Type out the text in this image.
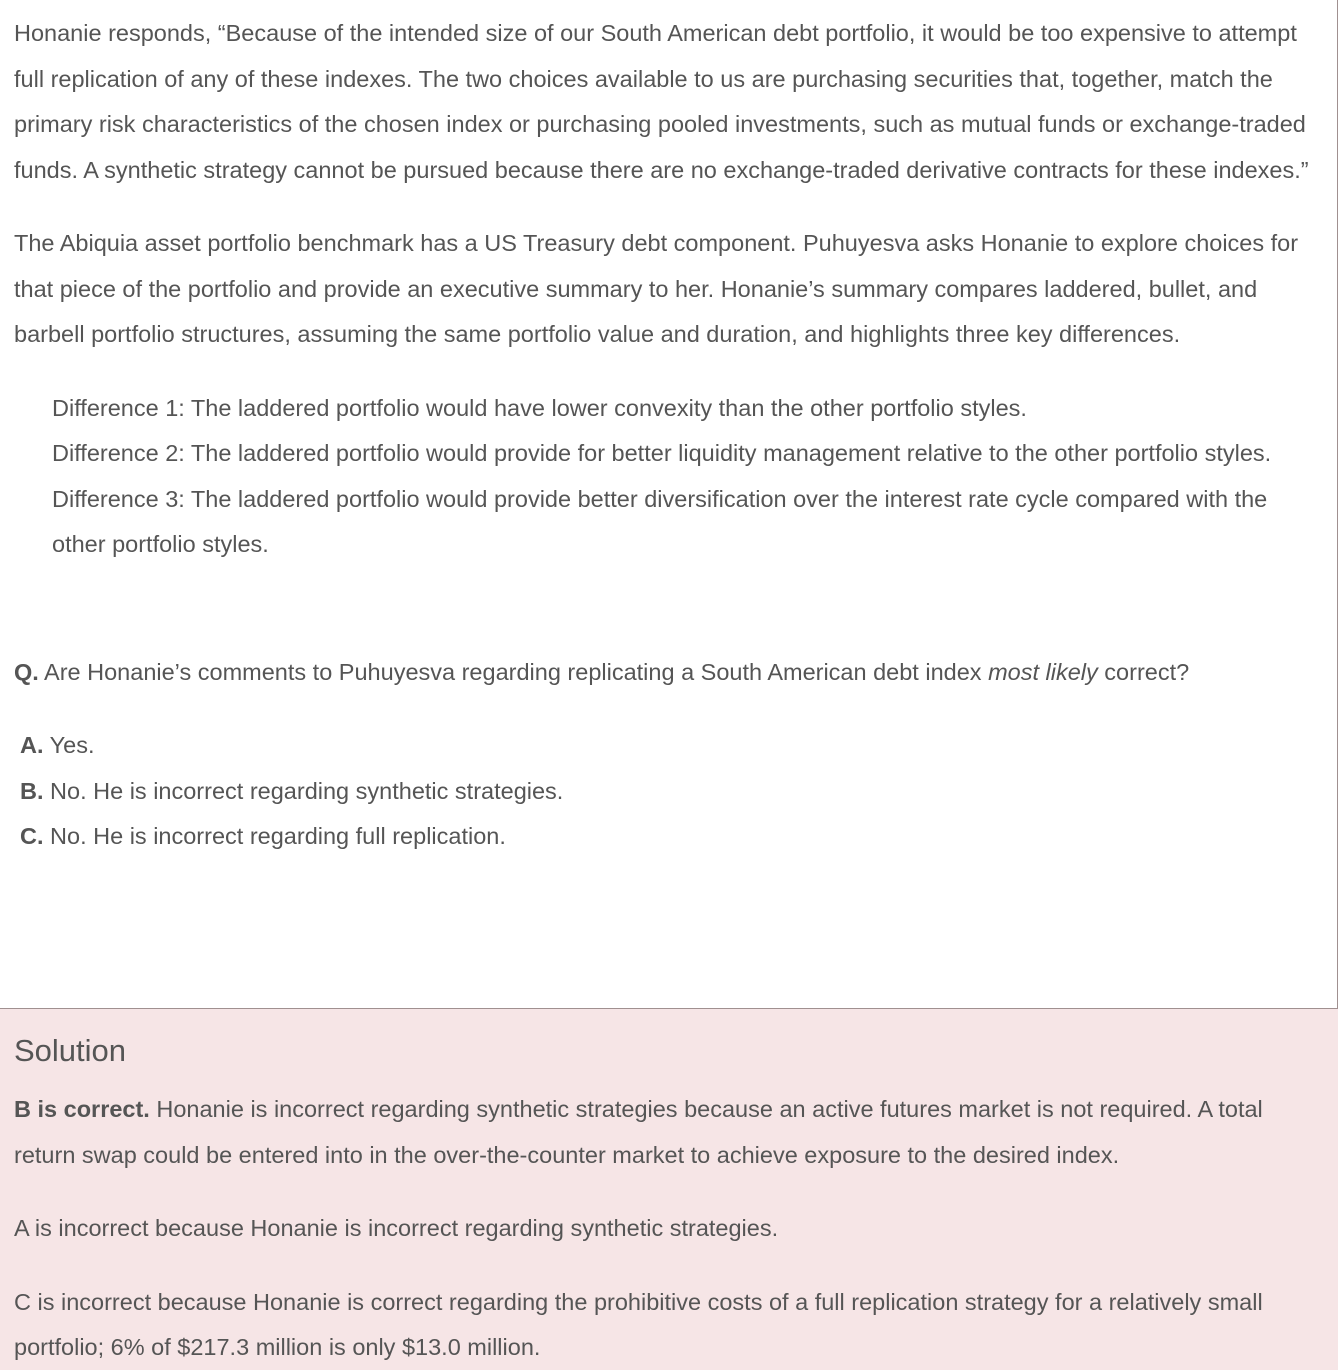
Honanie responds, “Because of the intended size of our South American debt portfolio, it would be too expensive to attempt full replication of any of these indexes. The two choices available to us are purchasing securities that, together, match the primary risk characteristics of the chosen index or purchasing pooled investments, such as mutual funds or exchange-traded funds. A synthetic strategy cannot be pursued because there are no exchange-traded derivative contracts for these indexes.”

The Abiquia asset portfolio benchmark has a US Treasury debt component. Puhuyesva asks Honanie to explore choices for that piece of the portfolio and provide an executive summary to her. Honanie’s summary compares laddered, bullet, and barbell portfolio structures, assuming the same portfolio value and duration, and highlights three key differences.

Difference 1: The laddered portfolio would have lower convexity than the other portfolio styles.

Difference 2: The laddered portfolio would provide for better liquidity management relative to the other portfolio styles.

Difference 3: The laddered portfolio would provide better diversification over the interest rate cycle compared with the other portfolio styles.

Q. Are Honanie’s comments to Puhuyesva regarding replicating a South American debt index most likely correct?

A. Yes.

B. No. He is incorrect regarding synthetic strategies.

C. No. He is incorrect regarding full replication.

Solution

B is correct. Honanie is incorrect regarding synthetic strategies because an active futures market is not required. A total return swap could be entered into in the over-the-counter market to achieve exposure to the desired index.

A is incorrect because Honanie is incorrect regarding synthetic strategies.

C is incorrect because Honanie is correct regarding the prohibitive costs of a full replication strategy for a relatively small portfolio; 6% of $217.3 million is only $13.0 million.
